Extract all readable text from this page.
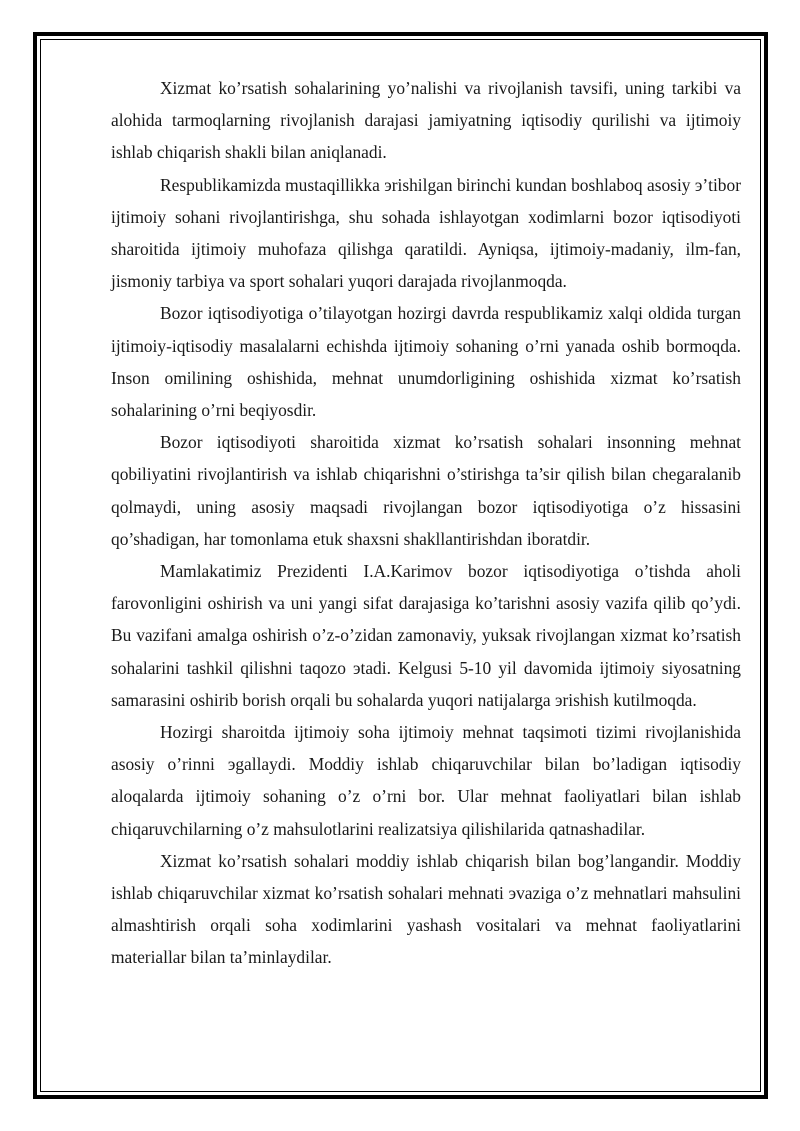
Xizmat ko’rsatish sohalarining yo’nalishi va rivojlanish tavsifi, uning tarkibi va alohida tarmoqlarning rivojlanish darajasi jamiyatning iqtisodiy qurilishi va ijtimoiy ishlab chiqarish shakli bilan aniqlanadi.

Respublikamizda mustaqillikka эrishilgan birinchi kundan boshlaboq asosiy э’tibor ijtimoiy sohani rivojlantirishga, shu sohada ishlayotgan xodimlarni bozor iqtisodiyoti sharoitida ijtimoiy muhofaza qilishga qaratildi. Ayniqsa, ijtimoiy-madaniy, ilm-fan, jismoniy tarbiya va sport sohalari yuqori darajada rivojlanmoqda.

Bozor iqtisodiyotiga o’tilayotgan hozirgi davrda respublikamiz xalqi oldida turgan ijtimoiy-iqtisodiy masalalarni echishda ijtimoiy sohaning o’rni yanada oshib bormoqda. Inson omilining oshishida, mehnat unumdorligining oshishida xizmat ko’rsatish sohalarining o’rni beqiyosdir.

Bozor iqtisodiyoti sharoitida xizmat ko’rsatish sohalari insonning mehnat qobiliyatini rivojlantirish va ishlab chiqarishni o’stirishga ta’sir qilish bilan chegaralanib qolmaydi, uning asosiy maqsadi rivojlangan bozor iqtisodiyotiga o’z hissasini qo’shadigan, har tomonlama etuk shaxsni shakllantirishdan iboratdir.

Mamlakatimiz Prezidenti I.A.Karimov bozor iqtisodiyotiga o’tishda aholi farovonligini oshirish va uni yangi sifat darajasiga ko’tarishni asosiy vazifa qilib qo’ydi. Bu vazifani amalga oshirish o’z-o’zidan zamonaviy, yuksak rivojlangan xizmat ko’rsatish sohalarini tashkil qilishni taqozo эtadi. Kelgusi 5-10 yil davomida ijtimoiy siyosatning samarasini oshirib borish orqali bu sohalarda yuqori natijalarga эrishish kutilmoqda.

Hozirgi sharoitda ijtimoiy soha ijtimoiy mehnat taqsimoti tizimi rivojlanishida asosiy o’rinni эgallaydi. Moddiy ishlab chiqaruvchilar bilan bo’ladigan iqtisodiy aloqalarda ijtimoiy sohaning o’z o’rni bor. Ular mehnat faoliyatlari bilan ishlab chiqaruvchilarning o’z mahsulotlarini realizatsiya qilishilarida qatnashadilar.

Xizmat ko’rsatish sohalari moddiy ishlab chiqarish bilan bog’langandir. Moddiy ishlab chiqaruvchilar xizmat ko’rsatish sohalari mehnati эvaziga o’z mehnatlari mahsulini almashtirish orqali soha xodimlarini yashash vositalari va mehnat faoliyatlarini materiallar bilan ta’minlaydilar.
